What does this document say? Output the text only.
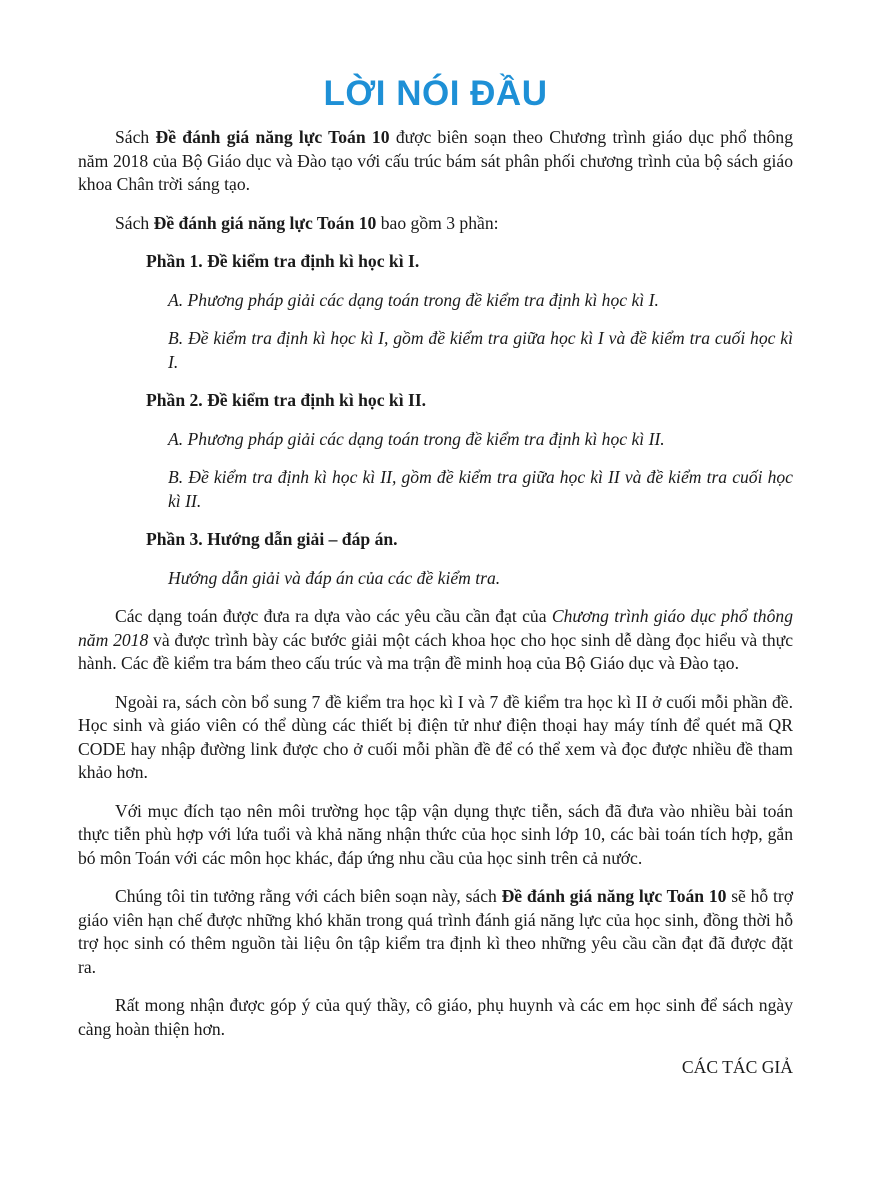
LỜI NÓI ĐẦU

Sách Đề đánh giá năng lực Toán 10 được biên soạn theo Chương trình giáo dục phổ thông năm 2018 của Bộ Giáo dục và Đào tạo với cấu trúc bám sát phân phối chương trình của bộ sách giáo khoa Chân trời sáng tạo.

Sách Đề đánh giá năng lực Toán 10 bao gồm 3 phần:

Phần 1. Đề kiểm tra định kì học kì I.

A. Phương pháp giải các dạng toán trong đề kiểm tra định kì học kì I.

B. Đề kiểm tra định kì học kì I, gồm đề kiểm tra giữa học kì I và đề kiểm tra cuối học kì I.

Phần 2. Đề kiểm tra định kì học kì II.

A. Phương pháp giải các dạng toán trong đề kiểm tra định kì học kì II.

B. Đề kiểm tra định kì học kì II, gồm đề kiểm tra giữa học kì II và đề kiểm tra cuối học kì II.

Phần 3. Hướng dẫn giải – đáp án.

Hướng dẫn giải và đáp án của các đề kiểm tra.

Các dạng toán được đưa ra dựa vào các yêu cầu cần đạt của Chương trình giáo dục phổ thông năm 2018 và được trình bày các bước giải một cách khoa học cho học sinh dễ dàng đọc hiểu và thực hành. Các đề kiểm tra bám theo cấu trúc và ma trận đề minh hoạ của Bộ Giáo dục và Đào tạo.

Ngoài ra, sách còn bổ sung 7 đề kiểm tra học kì I và 7 đề kiểm tra học kì II ở cuối mỗi phần đề. Học sinh và giáo viên có thể dùng các thiết bị điện tử như điện thoại hay máy tính để quét mã QR CODE hay nhập đường link được cho ở cuối mỗi phần đề để có thể xem và đọc được nhiều đề tham khảo hơn.

Với mục đích tạo nên môi trường học tập vận dụng thực tiễn, sách đã đưa vào nhiều bài toán thực tiễn phù hợp với lứa tuổi và khả năng nhận thức của học sinh lớp 10, các bài toán tích hợp, gắn bó môn Toán với các môn học khác, đáp ứng nhu cầu của học sinh trên cả nước.

Chúng tôi tin tưởng rằng với cách biên soạn này, sách Đề đánh giá năng lực Toán 10 sẽ hỗ trợ giáo viên hạn chế được những khó khăn trong quá trình đánh giá năng lực của học sinh, đồng thời hỗ trợ học sinh có thêm nguồn tài liệu ôn tập kiểm tra định kì theo những yêu cầu cần đạt đã được đặt ra.

Rất mong nhận được góp ý của quý thầy, cô giáo, phụ huynh và các em học sinh để sách ngày càng hoàn thiện hơn.

CÁC TÁC GIẢ
